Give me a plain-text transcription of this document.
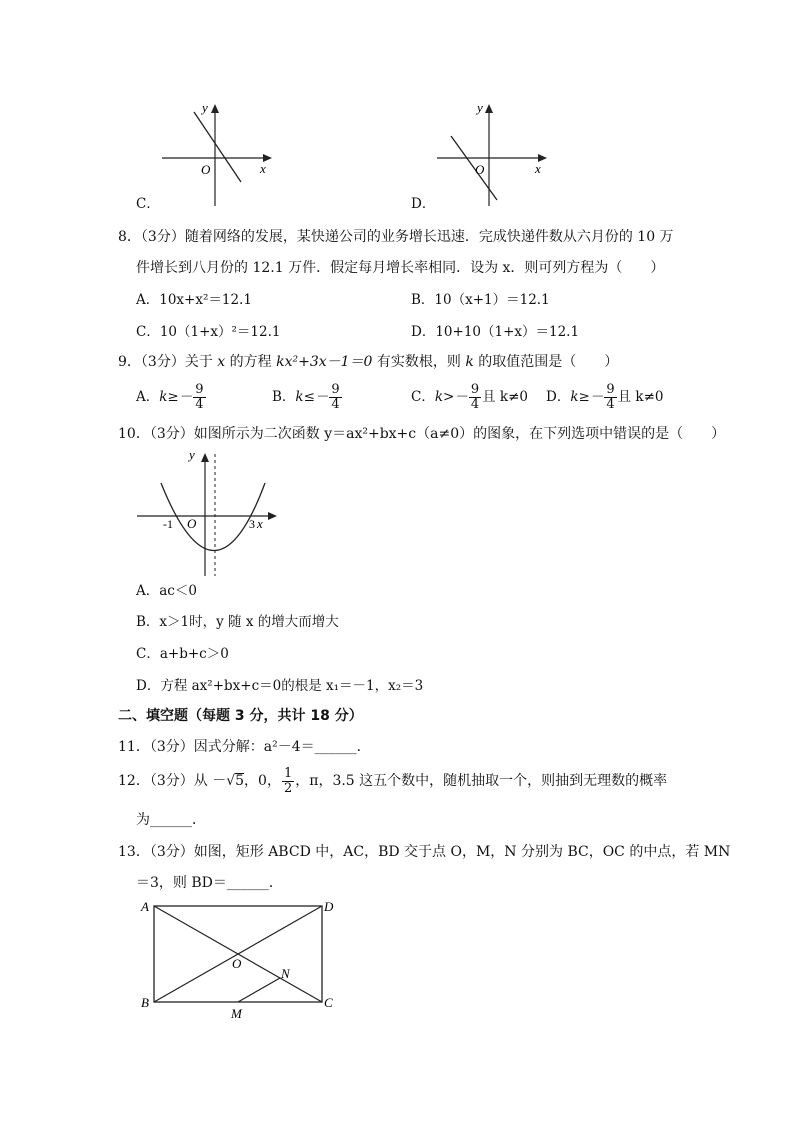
y
x
O
C．
y
x
O
D．
8．（3分）随着网络的发展，某快递公司的业务增长迅速．完成快递件数从六月份的 10 万
件增长到八月份的 12.1 万件．假定每月增长率相同．设为 x．则可列方程为（　　）
A．10x+x²＝12.1	B．10（x+1）＝12.1
C．10（1+x）²＝12.1	D．10+10（1+x）＝12.1
9．（3分）关于 x 的方程 kx²+3x－1＝0 有实数根，则 k 的取值范围是（　　）
A．$k\ge- \frac{9}{4}$	B．$k\le- \frac{9}{4}$	C．$k>- \frac{9}{4}$ 且 k≠0 D．$k\ge- \frac{9}{4}$ 且 k≠0
10．（3分）如图所示为二次函数 y＝ax²+bx+c（a≠0）的图象，在下列选项中错误的是（　　）
y
-1 O	3 x
A．ac＜0
B．x＞1时，y 随 x 的增大而增大
C．a+b+c＞0
D．方程 ax²+bx+c＝0的根是 x₁＝－1，x₂＝3
二、填空题（每题 3 分，共计 18 分）
11．（3分）因式分解：a²－4＝______．
12．（3分）从 －√5，0， $\frac{1}{2}$ ，π，3.5 这五个数中，随机抽取一个，则抽到无理数的概率
为______．
13．（3分）如图，矩形 ABCD 中，AC，BD 交于点 O，M，N 分别为 BC，OC 的中点，若 MN
＝3，则 BD＝______．
A	D
B	C
O
N
M
